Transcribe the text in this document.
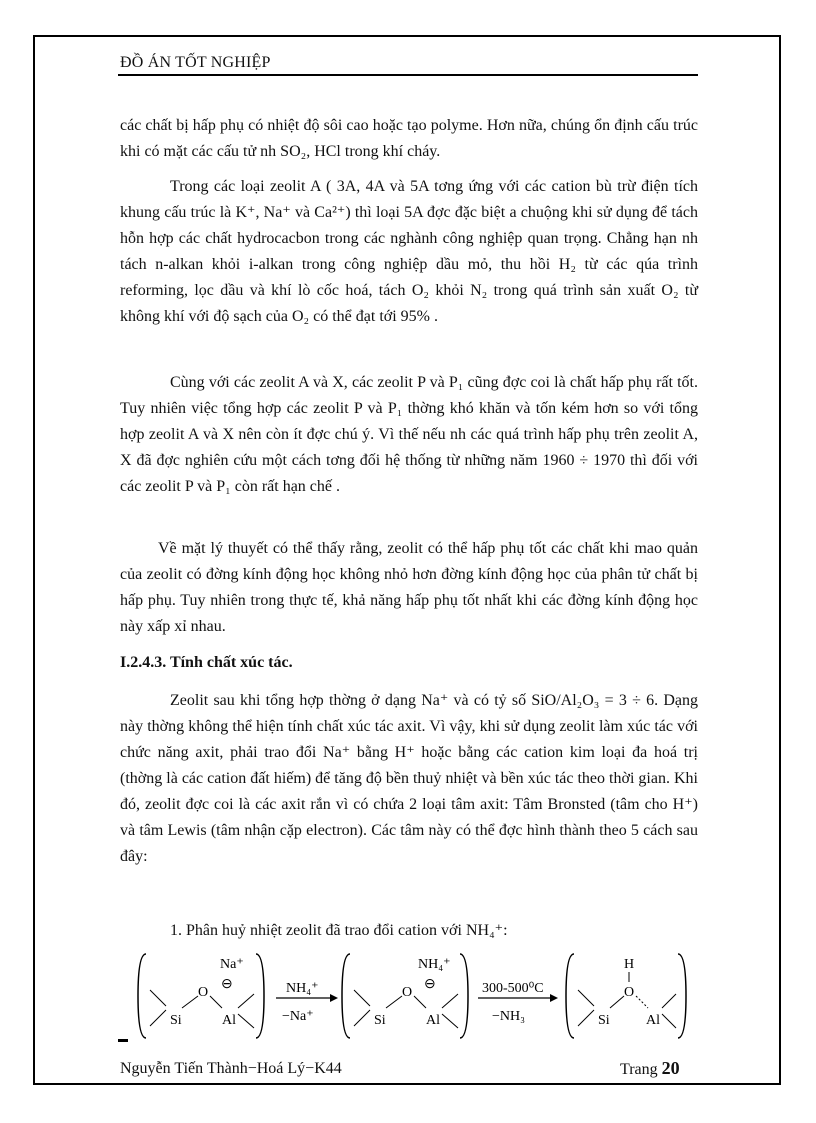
ĐỒ ÁN TỐT NGHIỆP

các chất bị hấp phụ có nhiệt độ sôi cao hoặc tạo polyme. Hơn nữa, chúng ổn định cấu trúc khi có mặt các cấu tử nh SO₂, HCl trong khí cháy.

Trong các loại zeolit A ( 3A, 4A và 5A tơng ứng với các cation bù trừ điện tích khung cấu trúc là K⁺, Na⁺ và Ca²⁺) thì loại 5A đợc đặc biệt a chuộng khi sử dụng để tách hỗn hợp các chất hydrocacbon trong các nghành công nghiệp quan trọng. Chẳng hạn nh tách n-alkan khỏi i-alkan trong công nghiệp dầu mỏ, thu hồi H₂ từ các qúa trình reforming, lọc dầu và khí lò cốc hoá, tách O₂ khỏi N₂ trong quá trình sản xuất O₂ từ không khí với độ sạch của O₂ có thể đạt tới 95% .

Cùng với các zeolit A và X, các zeolit P và P₁ cũng đợc coi là chất hấp phụ rất tốt. Tuy nhiên việc tổng hợp các zeolit P và P₁ thờng khó khăn và tốn kém hơn so với tổng hợp zeolit A và X nên còn ít đợc chú ý. Vì thế nếu nh các quá trình hấp phụ trên zeolit A, X đã đợc nghiên cứu một cách tơng đối hệ thống từ những năm 1960 ÷ 1970 thì đối với các zeolit P và P₁ còn rất hạn chế .

Về mặt lý thuyết có thể thấy rằng, zeolit có thể hấp phụ tốt các chất khi mao quản của zeolit có đờng kính động học không nhỏ hơn đờng kính động học của phân tử chất bị hấp phụ. Tuy nhiên trong thực tế, khả năng hấp phụ tốt nhất khi các đờng kính động học này xấp xỉ nhau.

I.2.4.3. Tính chất xúc tác.

Zeolit sau khi tổng hợp thờng ở dạng Na⁺ và có tỷ số SiO/Al₂O₃ = 3 ÷ 6. Dạng này thờng không thể hiện tính chất xúc tác axit. Vì vậy, khi sử dụng zeolit làm xúc tác với chức năng axit, phải trao đổi Na⁺ bằng H⁺ hoặc bằng các cation kim loại đa hoá trị (thờng là các cation đất hiếm) để tăng độ bền thuỷ nhiệt và bền xúc tác theo thời gian. Khi đó, zeolit đợc coi là các axit rắn vì có chứa 2 loại tâm axit: Tâm Bronsted (tâm cho H⁺) và tâm Lewis (tâm nhận cặp electron). Các tâm này có thể đợc hình thành theo 5 cách sau đây:

1. Phân huỷ nhiệt zeolit đã trao đổi cation với NH₄⁺:
Si
O
Na⁺
⊖
Al
NH₄⁺
−Na⁺	Si
O
NH₄⁺
⊖
Al
300-500⁰C
−NH₃	Si
H
O
Al
Nguyễn Tiến Thành−Hoá Lý−K44	Trang 20
